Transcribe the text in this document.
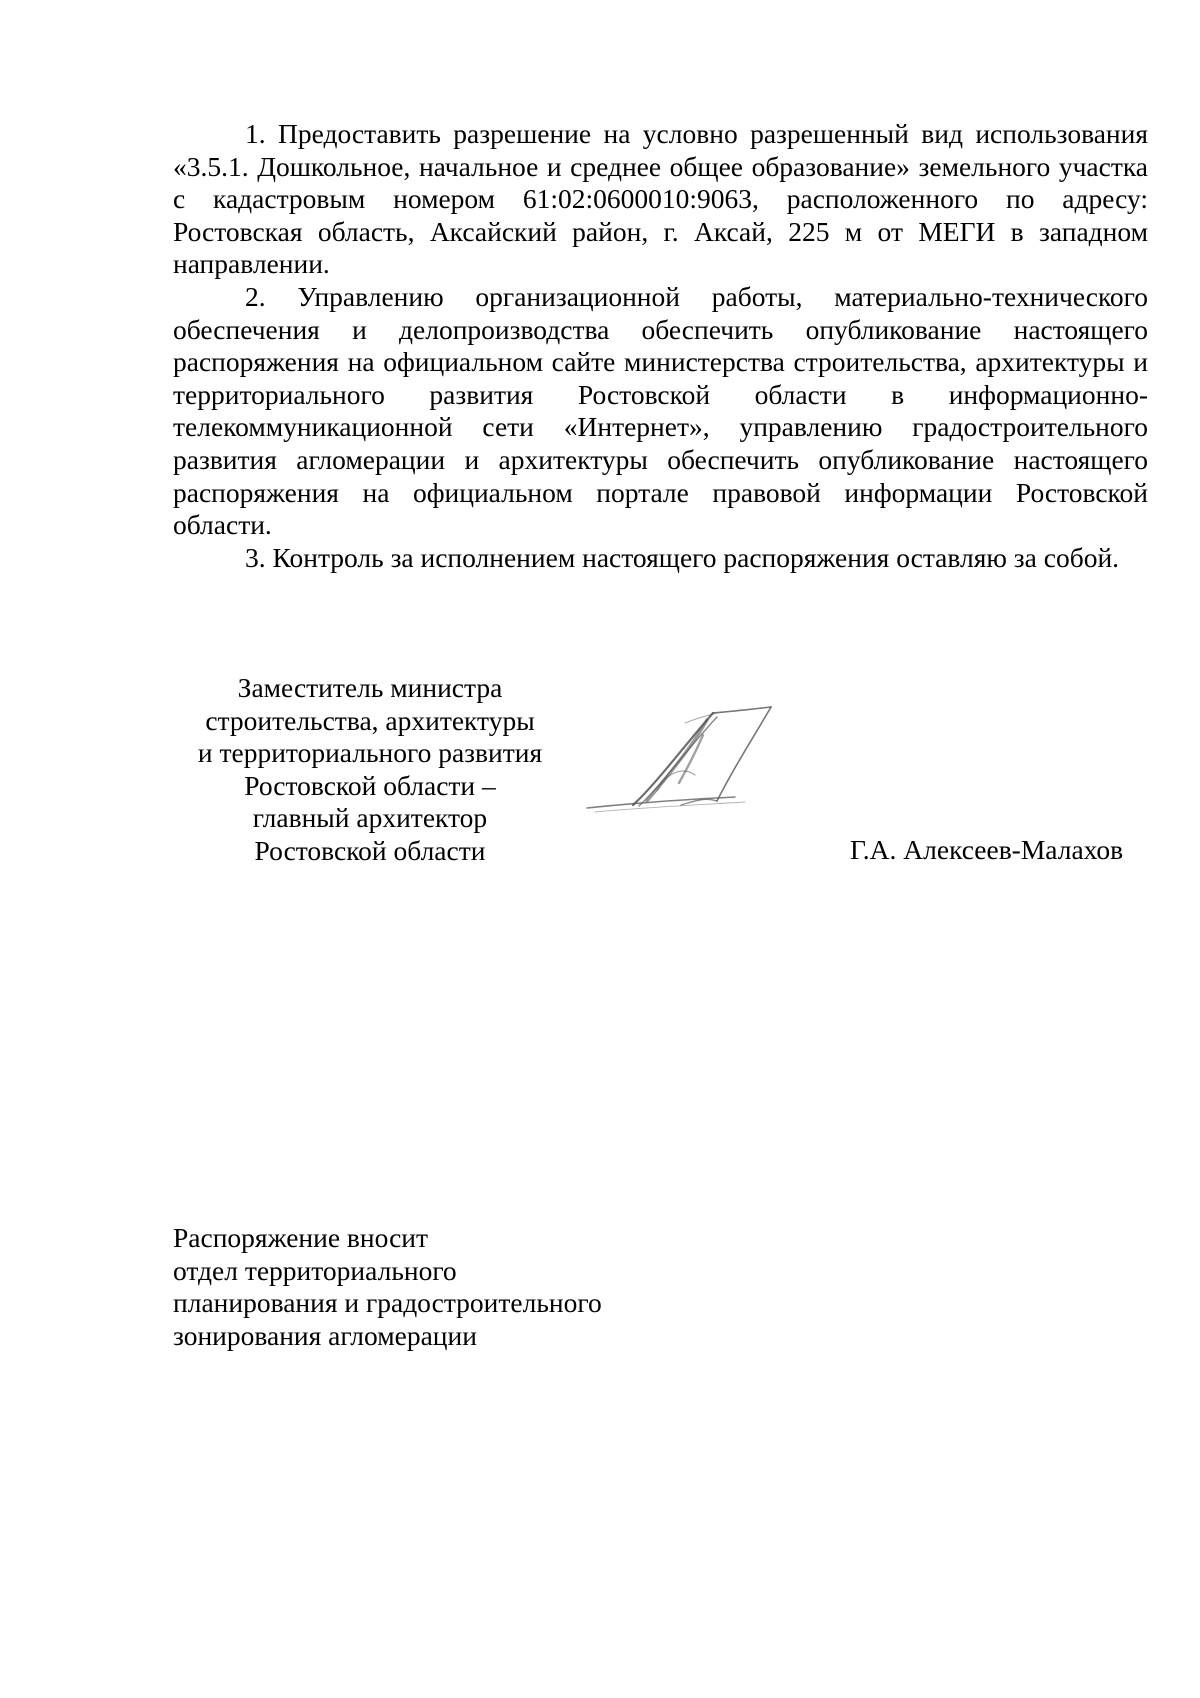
1. Предоставить разрешение на условно разрешенный вид использования «3.5.1. Дошкольное, начальное и среднее общее образование» земельного участка с кадастровым номером 61:02:0600010:9063, расположенного по адресу: Ростовская область, Аксайский район, г. Аксай, 225 м от МЕГИ в западном направлении.

2. Управлению организационной работы, материально-технического обеспечения и делопроизводства обеспечить опубликование настоящего распоряжения на официальном сайте министерства строительства, архитектуры и территориального развития Ростовской области в информационно-телекоммуникационной сети «Интернет», управлению градостроительного развития агломерации и архитектуры обеспечить опубликование настоящего распоряжения на официальном портале правовой информации Ростовской области.

3. Контроль за исполнением настоящего распоряжения оставляю за собой.

Заместитель министра
строительства, архитектуры
и территориального развития
Ростовской области –
главный архитектор
Ростовской области	Г.А. Алексеев-Малахов
Распоряжение вносит
отдел территориального
планирования и градостроительного
зонирования агломерации
